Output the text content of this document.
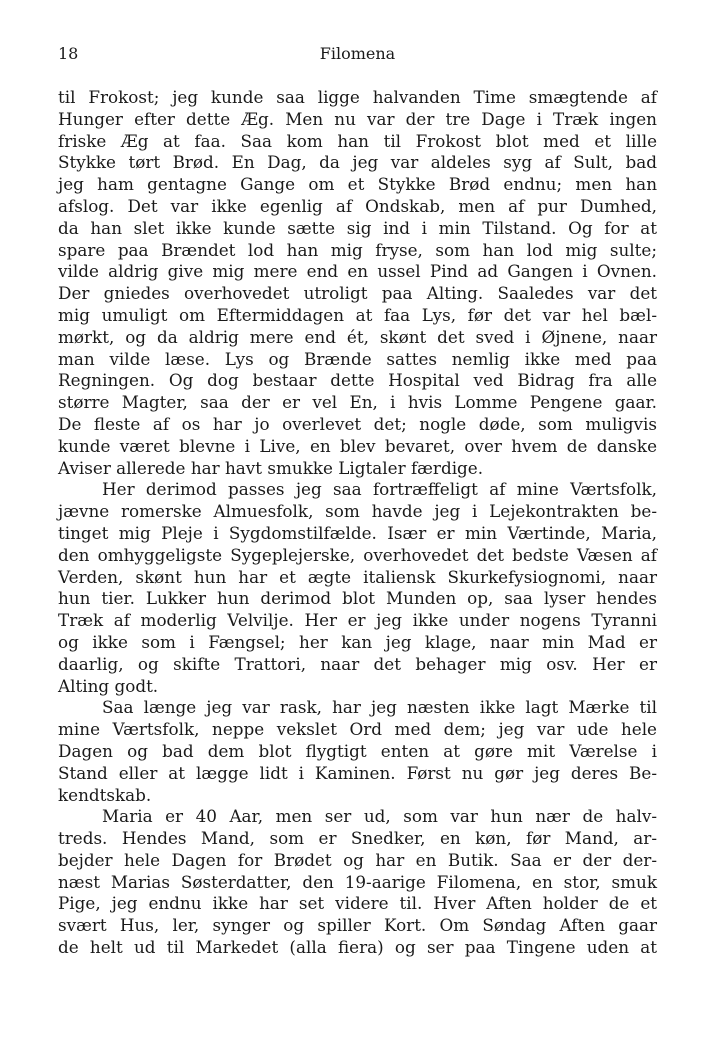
18	Filomena
til Frokost; jeg kunde saa ligge halvanden Time smægtende af
Hunger efter dette Æg. Men nu var der tre Dage i Træk ingen
friske Æg at faa. Saa kom han til Frokost blot med et lille
Stykke tørt Brød. En Dag, da jeg var aldeles syg af Sult, bad
jeg ham gentagne Gange om et Stykke Brød endnu; men han
afslog. Det var ikke egenlig af Ondskab, men af pur Dumhed,
da han slet ikke kunde sætte sig ind i min Tilstand. Og for at
spare paa Brændet lod han mig fryse, som han lod mig sulte;
vilde aldrig give mig mere end en ussel Pind ad Gangen i Ovnen.
Der gniedes overhovedet utroligt paa Alting. Saaledes var det
mig umuligt om Eftermiddagen at faa Lys, før det var hel bæl-
mørkt, og da aldrig mere end ét, skønt det sved i Øjnene, naar
man vilde læse. Lys og Brænde sattes nemlig ikke med paa
Regningen. Og dog bestaar dette Hospital ved Bidrag fra alle
større Magter, saa der er vel En, i hvis Lomme Pengene gaar.
De fleste af os har jo overlevet det; nogle døde, som muligvis
kunde været blevne i Live, en blev bevaret, over hvem de danske
Aviser allerede har havt smukke Ligtaler færdige.
Her derimod passes jeg saa fortræffeligt af mine Værtsfolk,
jævne romerske Almuesfolk, som havde jeg i Lejekontrakten be-
tinget mig Pleje i Sygdomstilfælde. Især er min Værtinde, Maria,
den omhyggeligste Sygeplejerske, overhovedet det bedste Væsen af
Verden, skønt hun har et ægte italiensk Skurkefysiognomi, naar
hun tier. Lukker hun derimod blot Munden op, saa lyser hendes
Træk af moderlig Velvilje. Her er jeg ikke under nogens Tyranni
og ikke som i Fængsel; her kan jeg klage, naar min Mad er
daarlig, og skifte Trattori, naar det behager mig osv. Her er
Alting godt.
Saa længe jeg var rask, har jeg næsten ikke lagt Mærke til
mine Værtsfolk, neppe vekslet Ord med dem; jeg var ude hele
Dagen og bad dem blot flygtigt enten at gøre mit Værelse i
Stand eller at lægge lidt i Kaminen. Først nu gør jeg deres Be-
kendtskab.
Maria er 40 Aar, men ser ud, som var hun nær de halv-
treds. Hendes Mand, som er Snedker, en køn, før Mand, ar-
bejder hele Dagen for Brødet og har en Butik. Saa er der der-
næst Marias Søsterdatter, den 19-aarige Filomena, en stor, smuk
Pige, jeg endnu ikke har set videre til. Hver Aften holder de et
svært Hus, ler, synger og spiller Kort. Om Søndag Aften gaar
de helt ud til Markedet (alla fiera) og ser paa Tingene uden at
